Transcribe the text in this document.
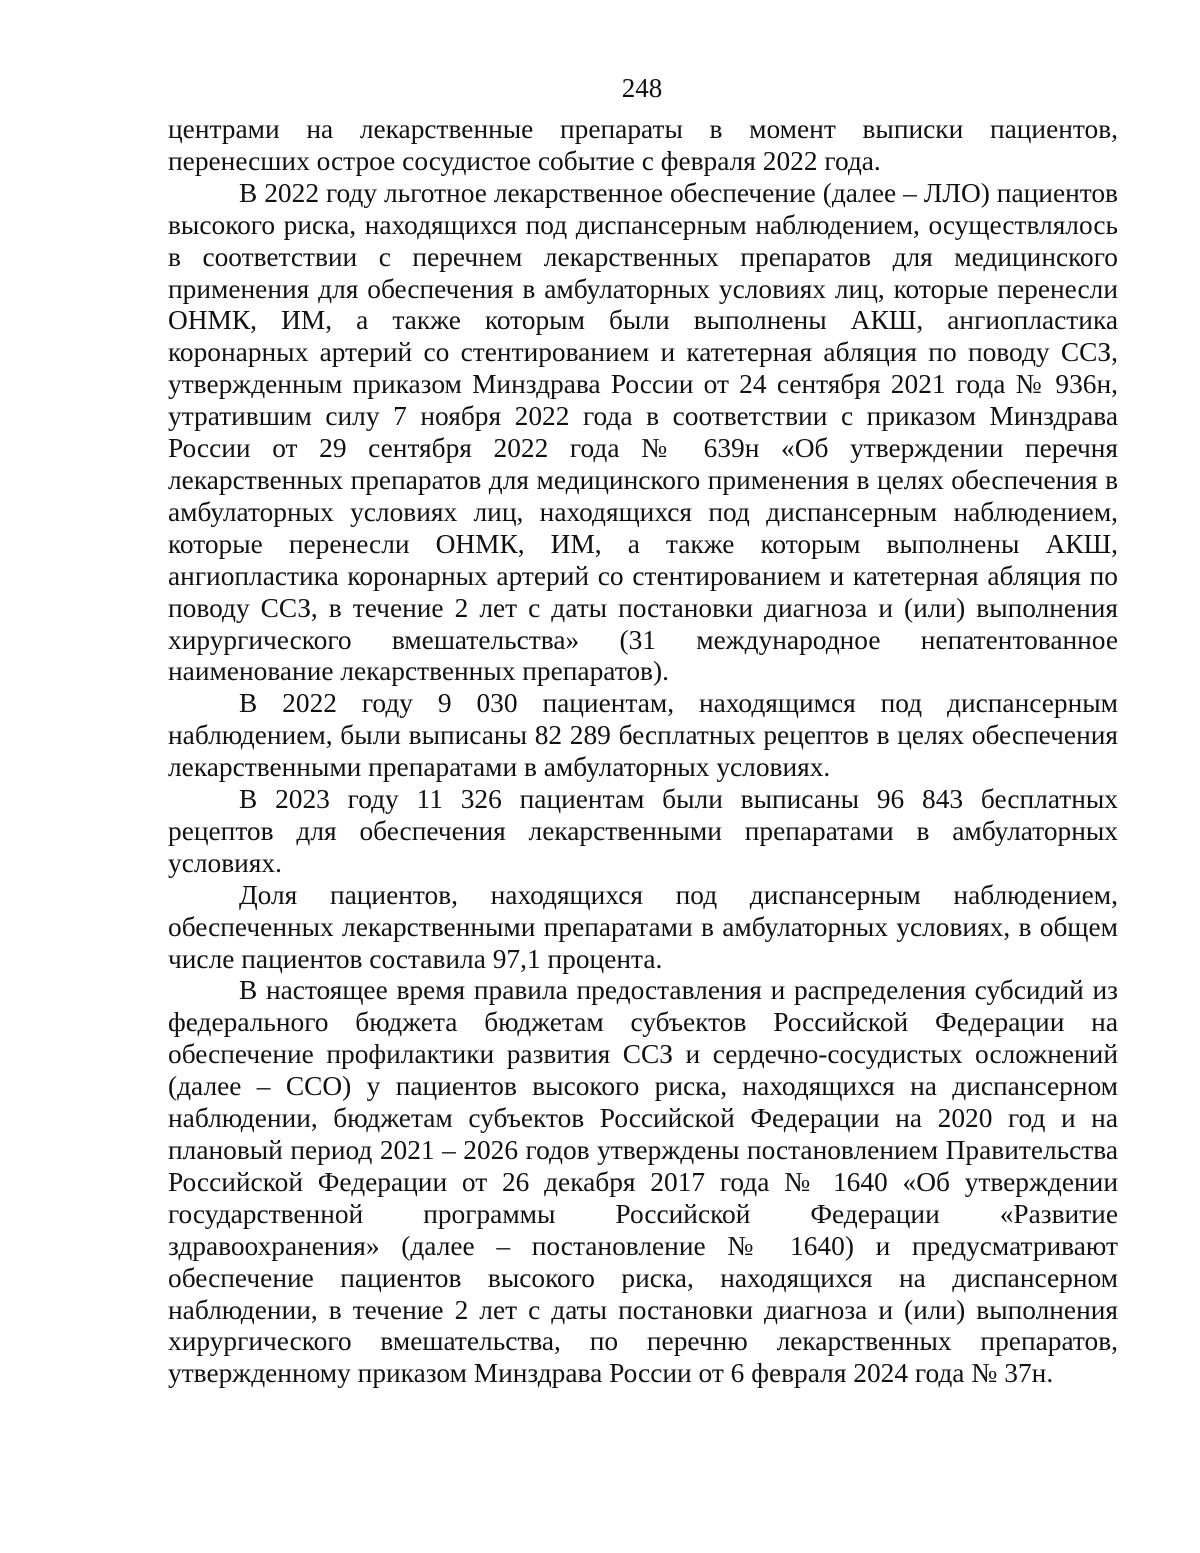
248

центрами на лекарственные препараты в момент выписки пациентов, перенесших острое сосудистое событие с февраля 2022 года.

В 2022 году льготное лекарственное обеспечение (далее – ЛЛО) пациентов высокого риска, находящихся под диспансерным наблюдением, осуществлялось в соответствии с перечнем лекарственных препаратов для медицинского применения для обеспечения в амбулаторных условиях лиц, которые перенесли ОНМК, ИМ, а также которым были выполнены АКШ, ангиопластика коронарных артерий со стентированием и катетерная абляция по поводу ССЗ, утвержденным приказом Минздрава России от 24 сентября 2021 года № 936н, утратившим силу 7 ноября 2022 года в соответствии с приказом Минздрава России от 29 сентября 2022 года № 639н «Об утверждении перечня лекарственных препаратов для медицинского применения в целях обеспечения в амбулаторных условиях лиц, находящихся под диспансерным наблюдением, которые перенесли ОНМК, ИМ, а также которым выполнены АКШ, ангиопластика коронарных артерий со стентированием и катетерная абляция по поводу ССЗ, в течение 2 лет с даты постановки диагноза и (или) выполнения хирургического вмешательства» (31 международное непатентованное наименование лекарственных препаратов).

В 2022 году 9 030 пациентам, находящимся под диспансерным наблюдением, были выписаны 82 289 бесплатных рецептов в целях обеспечения лекарственными препаратами в амбулаторных условиях.

В 2023 году 11 326 пациентам были выписаны 96 843 бесплатных рецептов для обеспечения лекарственными препаратами в амбулаторных условиях.

Доля пациентов, находящихся под диспансерным наблюдением, обеспеченных лекарственными препаратами в амбулаторных условиях, в общем числе пациентов составила 97,1 процента.

В настоящее время правила предоставления и распределения субсидий из федерального бюджета бюджетам субъектов Российской Федерации на обеспечение профилактики развития ССЗ и сердечно-сосудистых осложнений (далее – ССО) у пациентов высокого риска, находящихся на диспансерном наблюдении, бюджетам субъектов Российской Федерации на 2020 год и на плановый период 2021 – 2026 годов утверждены постановлением Правительства Российской Федерации от 26 декабря 2017 года № 1640 «Об утверждении государственной программы Российской Федерации «Развитие здравоохранения» (далее – постановление № 1640) и предусматривают обеспечение пациентов высокого риска, находящихся на диспансерном наблюдении, в течение 2 лет с даты постановки диагноза и (или) выполнения хирургического вмешательства, по перечню лекарственных препаратов, утвержденному приказом Минздрава России от 6 февраля 2024 года № 37н.
